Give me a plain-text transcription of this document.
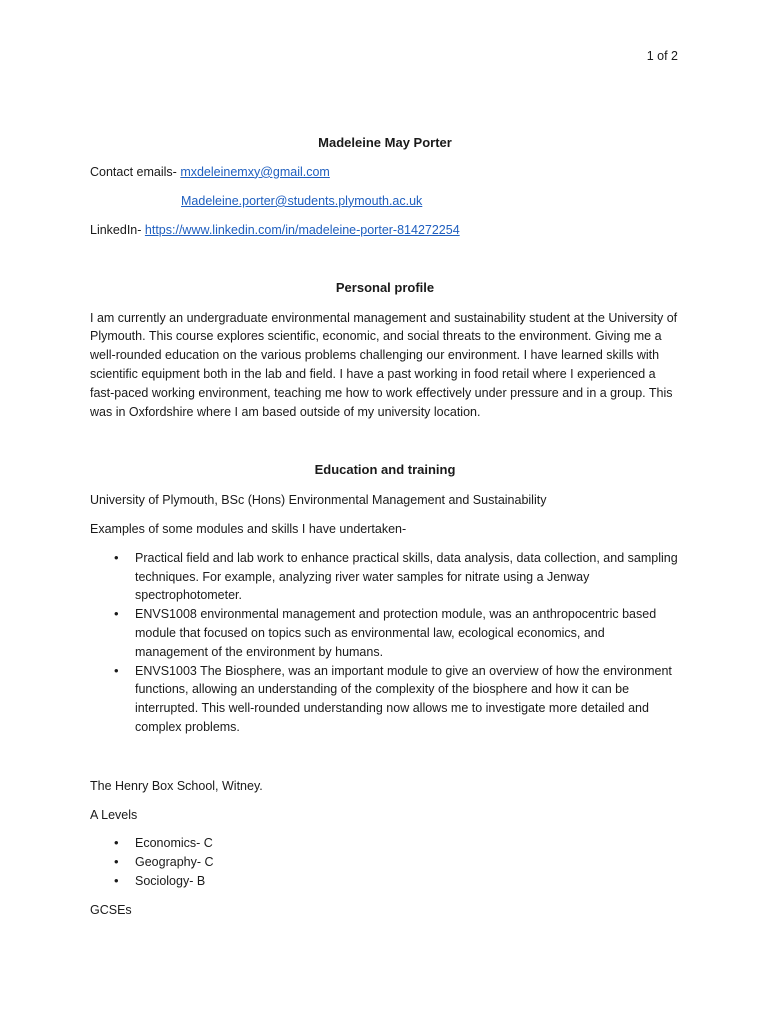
1 of 2

Madeleine May Porter

Contact emails- mxdeleinemxy@gmail.com
Madeleine.porter@students.plymouth.ac.uk
LinkedIn- https://www.linkedin.com/in/madeleine-porter-814272254

Personal profile

I am currently an undergraduate environmental management and sustainability student at the University of Plymouth. This course explores scientific, economic, and social threats to the environment. Giving me a well-rounded education on the various problems challenging our environment. I have learned skills with scientific equipment both in the lab and field. I have a past working in food retail where I experienced a fast-paced working environment, teaching me how to work effectively under pressure and in a group. This was in Oxfordshire where I am based outside of my university location.

Education and training

University of Plymouth, BSc (Hons) Environmental Management and Sustainability

Examples of some modules and skills I have undertaken-

• Practical field and lab work to enhance practical skills, data analysis, data collection, and sampling techniques. For example, analyzing river water samples for nitrate using a Jenway spectrophotometer.
• ENVS1008 environmental management and protection module, was an anthropocentric based module that focused on topics such as environmental law, ecological economics, and management of the environment by humans.
• ENVS1003 The Biosphere, was an important module to give an overview of how the environment functions, allowing an understanding of the complexity of the biosphere and how it can be interrupted. This well-rounded understanding now allows me to investigate more detailed and complex problems.

The Henry Box School, Witney.

A Levels

• Economics- C
• Geography- C
• Sociology- B

GCSEs
